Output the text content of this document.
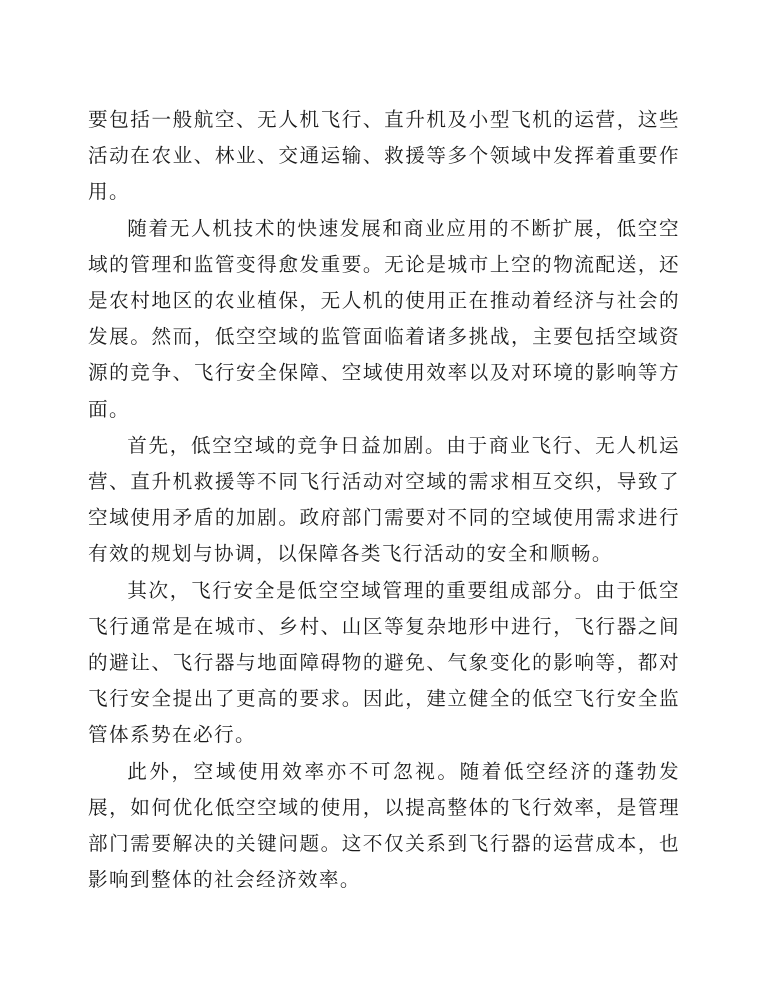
要包括一般航空、无人机飞行、直升机及小型飞机的运营，这些活动在农业、林业、交通运输、救援等多个领域中发挥着重要作用。

随着无人机技术的快速发展和商业应用的不断扩展，低空空域的管理和监管变得愈发重要。无论是城市上空的物流配送，还是农村地区的农业植保，无人机的使用正在推动着经济与社会的发展。然而，低空空域的监管面临着诸多挑战，主要包括空域资源的竞争、飞行安全保障、空域使用效率以及对环境的影响等方面。

首先，低空空域的竞争日益加剧。由于商业飞行、无人机运营、直升机救援等不同飞行活动对空域的需求相互交织，导致了空域使用矛盾的加剧。政府部门需要对不同的空域使用需求进行有效的规划与协调，以保障各类飞行活动的安全和顺畅。

其次，飞行安全是低空空域管理的重要组成部分。由于低空飞行通常是在城市、乡村、山区等复杂地形中进行，飞行器之间的避让、飞行器与地面障碍物的避免、气象变化的影响等，都对飞行安全提出了更高的要求。因此，建立健全的低空飞行安全监管体系势在必行。

此外，空域使用效率亦不可忽视。随着低空经济的蓬勃发展，如何优化低空空域的使用，以提高整体的飞行效率，是管理部门需要解决的关键问题。这不仅关系到飞行器的运营成本，也影响到整体的社会经济效率。
